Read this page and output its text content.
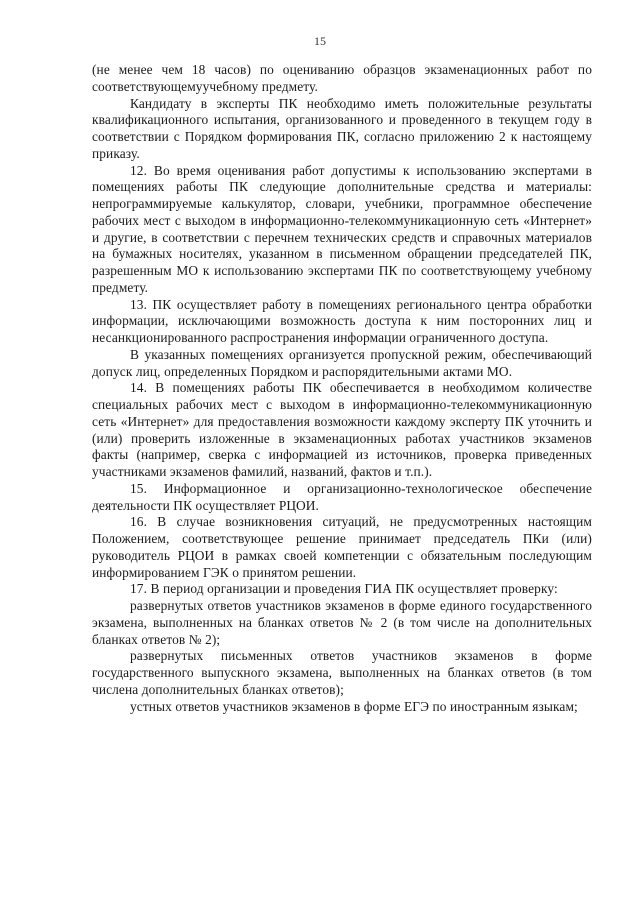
15

(не менее чем 18 часов) по оцениванию образцов экзаменационных работ по соответствующемуучебному предмету.

Кандидату в эксперты ПК необходимо иметь положительные результаты квалификационного испытания, организованного и проведенного в текущем году в соответствии с Порядком формирования ПК, согласно приложению 2 к настоящему приказу.

12. Во время оценивания работ допустимы к использованию экспертами в помещениях работы ПК следующие дополнительные средства и материалы: непрограммируемые калькулятор, словари, учебники, программное обеспечение рабочих мест с выходом в информационно-телекоммуникационную сеть «Интернет» и другие, в соответствии с перечнем технических средств и справочных материалов на бумажных носителях, указанном в письменном обращении председателей ПК, разрешенным МО к использованию экспертами ПК по соответствующему учебному предмету.

13. ПК осуществляет работу в помещениях регионального центра обработки информации, исключающими возможность доступа к ним посторонних лиц и несанкционированного распространения информации ограниченного доступа.

В указанных помещениях организуется пропускной режим, обеспечивающий допуск лиц, определенных Порядком и распорядительными актами МО.

14. В помещениях работы ПК обеспечивается в необходимом количестве специальных рабочих мест с выходом в информационно-телекоммуникационную сеть «Интернет» для предоставления возможности каждому эксперту ПК уточнить и (или) проверить изложенные в экзаменационных работах участников экзаменов факты (например, сверка с информацией из источников, проверка приведенных участниками экзаменов фамилий, названий, фактов и т.п.).

15. Информационное и организационно-технологическое обеспечение деятельности ПК осуществляет РЦОИ.

16. В случае возникновения ситуаций, не предусмотренных настоящим Положением, соответствующее решение принимает председатель ПКи (или) руководитель РЦОИ в рамках своей компетенции с обязательным последующим информированием ГЭК о принятом решении.

17. В период организации и проведения ГИА ПК осуществляет проверку:

развернутых ответов участников экзаменов в форме единого государственного экзамена, выполненных на бланках ответов № 2 (в том числе на дополнительных бланках ответов № 2);

развернутых письменных ответов участников экзаменов в форме государственного выпускного экзамена, выполненных на бланках ответов (в том числена дополнительных бланках ответов);

устных ответов участников экзаменов в форме ЕГЭ по иностранным языкам;
